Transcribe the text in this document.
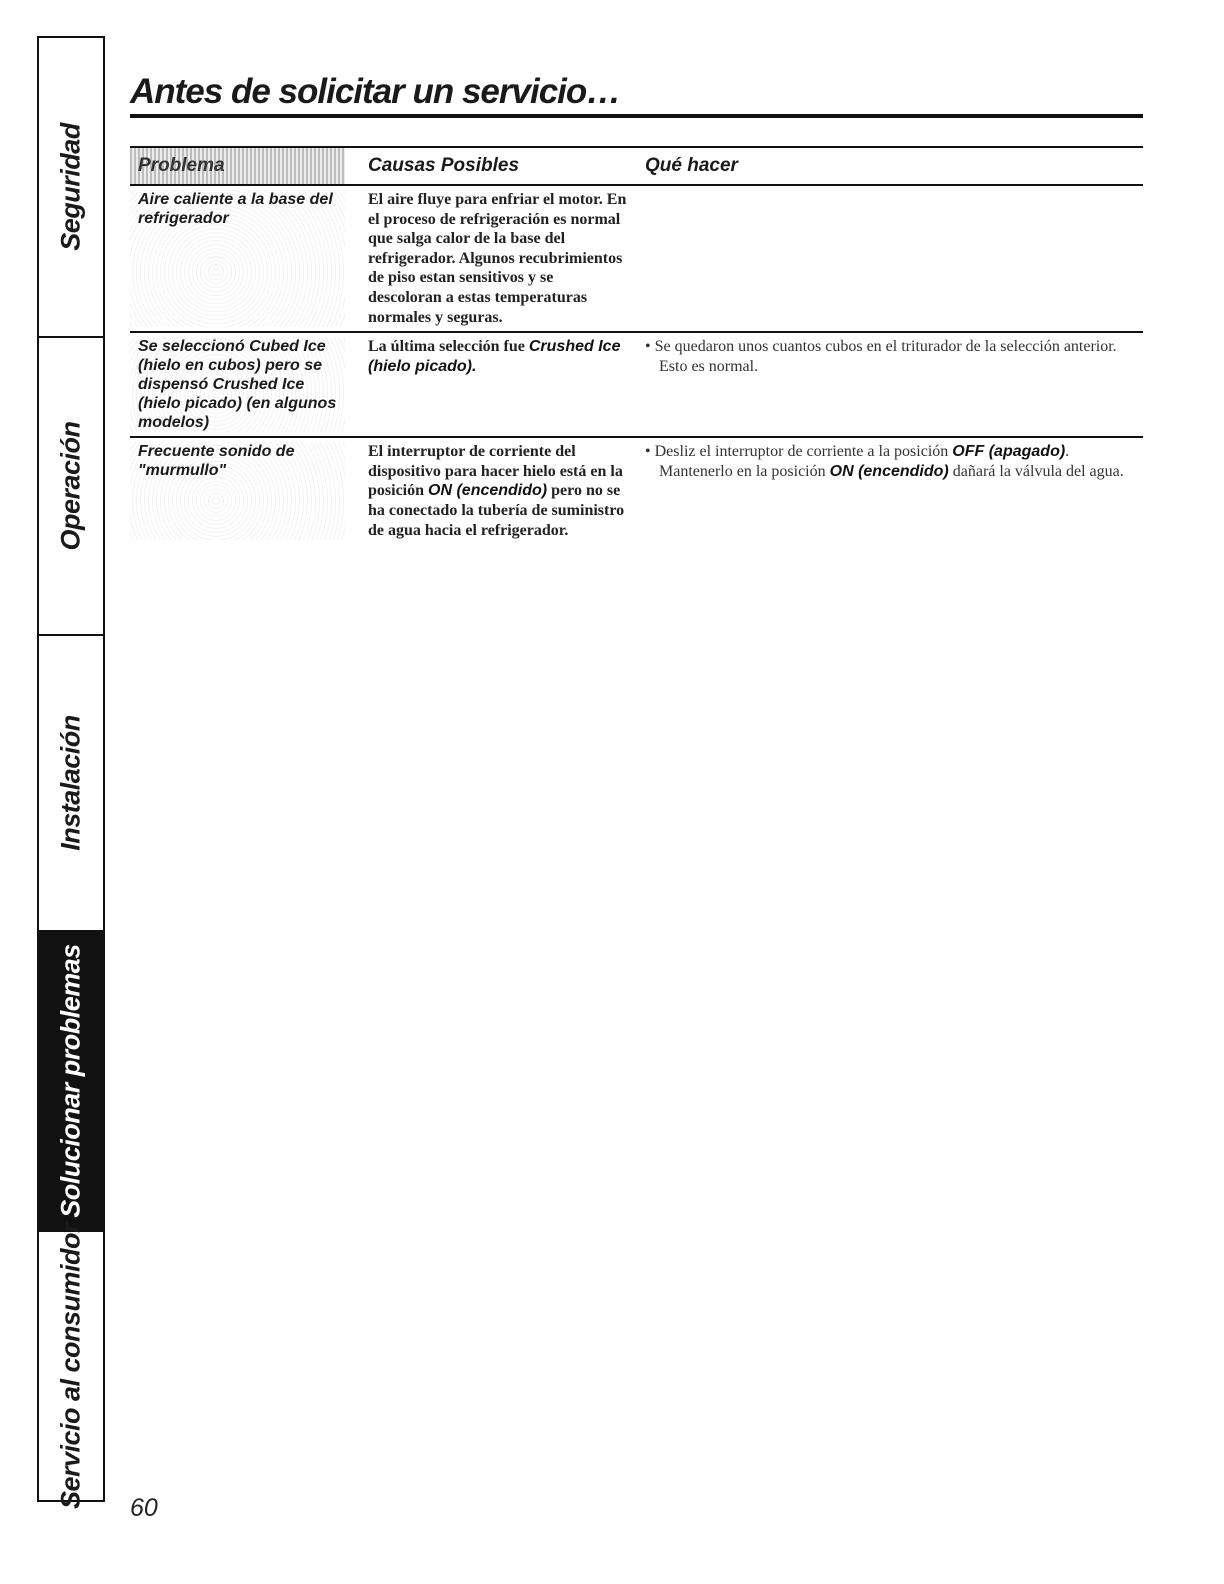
Seguridad
Operación
Instalación
Solucionar problemas
Servicio al consumidor
Antes de solicitar un servicio…
Problema	Causas Posibles	Qué hacer
Aire caliente a la base del refrigerador
El aire fluye para enfriar el motor. En el proceso de refrigeración es normal que salga calor de la base del refrigerador. Algunos recubrimientos de piso estan sensitivos y se descoloran a estas temperaturas normales y seguras.
Se seleccionó Cubed Ice (hielo en cubos) pero se dispensó Crushed Ice (hielo picado) (en algunos modelos)
La última selección fue Crushed Ice (hielo picado).
• Se quedaron unos cuantos cubos en el triturador de la selección anterior. Esto es normal.
Frecuente sonido de "murmullo"
El interruptor de corriente del dispositivo para hacer hielo está en la posición ON (encendido) pero no se ha conectado la tubería de suministro de agua hacia el refrigerador.
• Desliz el interruptor de corriente a la posición OFF (apagado). Mantenerlo en la posición ON (encendido) dañará la válvula del agua.
60
